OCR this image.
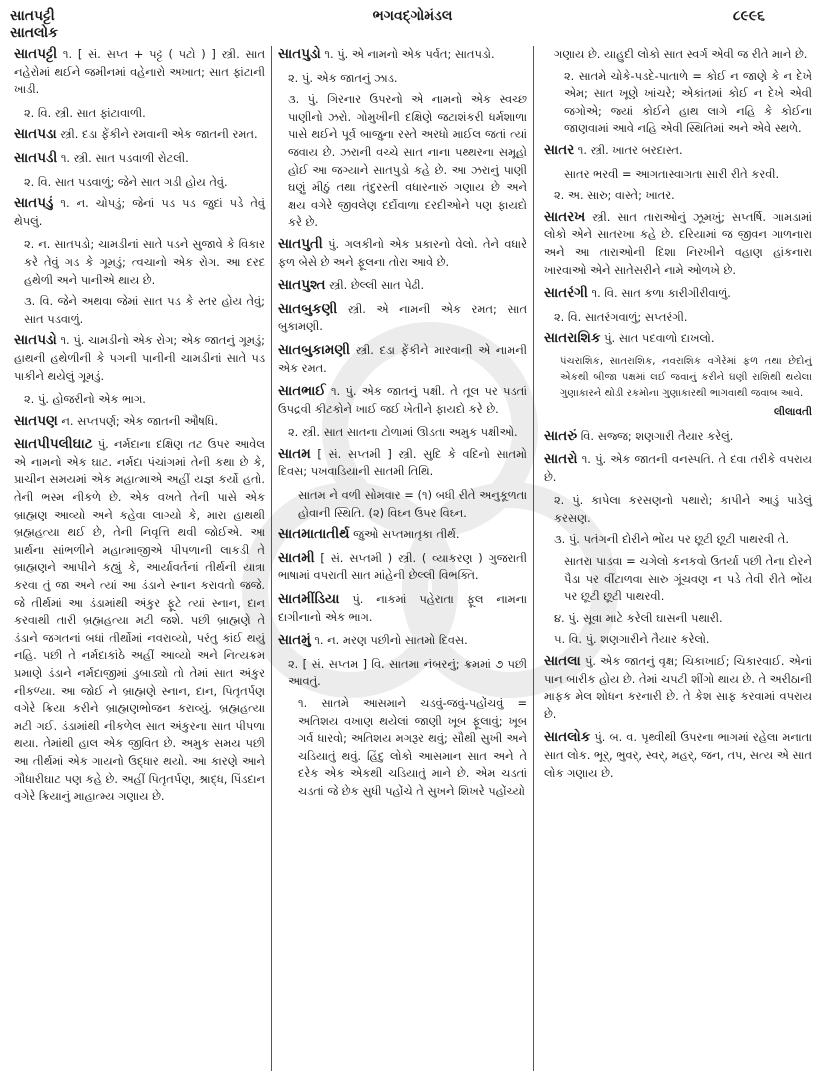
સાતપટ્ટી
સાતલોક
ભગવદ્ગોમંડલ	૮૯૯૬
સાતપટ્ટી ૧. [ સં. સપ્ત + પટ્ટ ( પટો ) ] સ્ત્રી. સાત નહેરોમાં થઈને જમીનમાં વહેનારો અખાત; સાત ફાંટાની ખાડી.
૨. વિ. સ્ત્રી. સાત ફાંટાવાળી.
સાતપડા સ્ત્રી. દડા ફેંકીને રમવાની એક જાતની રમત.
સાતપડી ૧. સ્ત્રી. સાત પડવાળી રોટલી.
૨. વિ. સાત પડવાળું; જેને સાત ગડી હોય તેવું.
સાતપડું ૧. ન. ચોપડું; જેનાં પડ પડ જુદાં પડે તેવું થેપલું.
૨. ન. સાતપડો; ચામડીનાં સાતે પડને સુજાવે કે વિકાર કરે તેવું ગડ કે ગૂમડું; ત્વચાનો એક રોગ. આ દરદ હથેળી અને પાનીએ થાય છે.
૩. વિ. જેને અથવા જેમાં સાત પડ કે સ્તર હોય તેવું; સાત પડવાળું.
સાતપડો ૧. પું. ચામડીનો એક રોગ; એક જાતનું ગૂમડું; હાથની હથેળીની કે પગની પાનીની ચામડીનાં સાતે પડ પાકીને થયેલું ગૂમડું.
૨. પું. હોજરીનો એક ભાગ.
સાતપણ ન. સપ્તપર્ણ; એક જાતની ઔષધિ.
સાતપીપલીઘાટ પું. નર્મદાના દક્ષિણ તટ ઉપર આવેલ એ નામનો એક ઘાટ. નર્મદા પંચાંગમાં તેની કથા છે કે, પ્રાચીન સમયમાં એક મહાત્માએ અહીં યજ્ઞ કર્યો હતો. તેની ભસ્મ નીકળે છે. એક વખતે તેની પાસે એક બ્રાહ્મણ આવ્યો અને કહેવા લાગ્યો કે, મારા હાથથી બ્રહ્મહત્યા થઈ છે, તેની નિવૃત્તિ થવી જોઈએ. આ પ્રાર્થના સાંભળીને મહાત્માજીએ પીપળાની લાકડી તે બ્રાહ્મણને આપીને કહ્યું કે, આર્યાવર્તનાં તીર્થની યાત્રા કરવા તું જા અને ત્યાં આ ડંડાને સ્નાન કરાવતો જજે. જે તીર્થમાં આ ડંડામાંથી અંકુર ફૂટે ત્યાં સ્નાન, દાન કરવાથી તારી બ્રહ્મહત્યા મટી જશે. પછી બ્રાહ્મણે તે ડંડાને જગતનાં બધાં તીર્થોમાં નવરાવ્યો, પરંતુ કાંઈ થયું નહિ. પછી તે નર્મદાકાંઠે અહીં આવ્યો અને નિત્યક્રમ પ્રમાણે ડંડાને નર્મદાજીમાં ડુબાડ્યો તો તેમાં સાત અંકુર નીકળ્યા. આ જોઈ ને બ્રાહ્મણે સ્નાન, દાન, પિતૃતર્પણ વગેરે ક્રિયા કરીને બ્રાહ્મણભોજન કરાવ્યું. બ્રહ્મહત્યા મટી ગઈ. ડંડામાંથી નીકળેલ સાત અંકુરના સાત પીપળા થયા. તેમાંથી હાલ એક જીવિત છે. અમુક સમય પછી આ તીર્થમાં એક ગાયનો ઉદ્ધાર થયો. આ કારણે આને ગૌધારીઘાટ પણ કહે છે. અહીં પિતૃતર્પણ, શ્રાદ્ધ, પિંડદાન વગેરે ક્રિયાનું માહાત્મ્ય ગણાય છે.
સાતપુડો ૧. પું. એ નામનો એક પર્વત; સાતપડો.
૨. પું. એક જાતનું ઝાડ.
૩. પું. ગિરનાર ઉપરનો એ નામનો એક સ્વચ્છ પાણીનો ઝરો. ગોમુખીની દક્ષિણે જટાશંકરી ધર્મશાળા પાસે થઈને પૂર્વ બાજુના રસ્તે અરધો માઈલ જતાં ત્યાં જવાય છે. ઝરાની વચ્ચે સાત નાના પથ્થરના સમૂહો હોઈ આ જગ્યાને સાતપુડો કહે છે. આ ઝરાનું પાણી ઘણું મીઠું તથા તંદુરસ્તી વધારનારું ગણાય છે અને ક્ષય વગેરે જીવલેણ દર્દોવાળા દરદીઓને પણ ફાયદો કરે છે.
સાતપુતી પું. ગલકીનો એક પ્રકારનો વેલો. તેને વધારે ફળ બેસે છે અને ફૂલના તોરા આવે છે.
સાતપુશ્ત સ્ત્રી. છેલ્લી સાત પેઢી.
સાતબુકણી સ્ત્રી. એ નામની એક રમત; સાત બુકામણી.
સાતબુકામણી સ્ત્રી. દડા ફેંકીને મારવાની એ નામની એક રમત.
સાતભાઈ ૧. પું. એક જાતનું પક્ષી. તે તૂલ પર પડતાં ઉપદ્રવી કીટકોને ખાઈ જઈ ખેતીને ફાયદો કરે છે.
૨. સ્ત્રી. સાત સાતના ટોળામાં ઊડતા અમુક પક્ષીઓ.
સાતમ [ સં. સપ્તમી ] સ્ત્રી. સુદિ કે વદિનો સાતમો દિવસ; પખવાડિયાની સાતમી તિથિ.
સાતમ ને વળી સોમવાર = (૧) બધી રીતે અનુકૂળતા હોવાની સ્થિતિ. (૨) વિઘ્ન ઉપર વિઘ્ન.
સાતમાતાતીર્થ જુઓ સપ્તમાતૃકા તીર્થ.
સાતમી [ સં. સપ્તમી ) સ્ત્રી. ( વ્યાકરણ ) ગુજરાતી ભાષામાં વપરાતી સાત માંહેની છેલ્લી વિભક્તિ.
સાતમીંડિયા પું. નાકમાં પહેરાતા ફૂલ નામના દાગીનાનો એક ભાગ.
સાતમું ૧. ન. મરણ પછીનો સાતમો દિવસ.
૨. [ સં. સપ્તમ ] વિ. સાતમા નંબરનું; ક્રમમાં ૭ પછી આવતું.
૧. સાતમે આસમાને ચડવું-જવું-પહોંચવું = અતિશય વખાણ થયેલાં જાણી ખૂબ ફૂલાવું; ખૂબ ગર્વ ધારવો; અતિશય મગરૂર થવું; સૌથી સુખી અને ચડિયાતું થવું. હિંદુ લોકો આસમાન સાત અને તે દરેક એક એકથી ચડિયાતું માને છે. એમ ચડતાં ચડતાં જે છેક સુધી પહોંચે તે સુખને શિખરે પહોંચ્યો
ગણાય છે. યાહુદી લોકો સાત સ્વર્ગ એવી જ રીતે માને છે.
૨. સાતમે ચોકે-પડદે-પાતાળે = કોઈ ન જાણે કે ન દેખે એમ; સાત ખૂણે ખાંચરે; એકાંતમાં કોઈ ન દેખે એવી જગોએ; જ્યાં કોઈને હાથ લાગે નહિ કે કોઈના જાણવામાં આવે નહિ એવી સ્થિતિમાં અને એવે સ્થળે.
સાતર ૧. સ્ત્રી. ખાતર બરદાસ્ત.
સાતર ભરવી = આગતાસ્વાગતા સારી રીતે કરવી.
૨. અ. સારુ; વાસ્તે; ખાતર.
સાતરખ સ્ત્રી. સાત તારાઓનું ઝૂમખું; સપ્તર્ષિ. ગામડામાં લોકો એને સાતરખા કહે છે. દરિયામાં જ જીવન ગાળનારા અને આ તારાઓની દિશા નિરખીને વહાણ હાંકનારા ખારવાઓ એને સાતેસરીને નામે ઓળખે છે.
સાતરંગી ૧. વિ. સાત કળા કારીગીરીવાળું.
૨. વિ. સાતરંગવાળું; સપ્તરંગી.
સાતરાશિક પું. સાત પદવાળો દાખલો.
પંચરાશિક, સાતરાશિક, નવરાશિક વગેરેમાં ફળ તથા છેદોનું એકથી બીજા પક્ષમાં લઈ જવાનું કરીને ઘણી રાશિથી થયેલા ગુણાકારને થોડી રકમોના ગુણાકારથી ભાગવાથી જવાબ આવે.
લીલાવતી
સાતરું વિ. સજ્જ; શણગારી તૈયાર કરેલું.
સાતરો ૧. પું. એક જાતની વનસ્પતિ. તે દવા તરીકે વપરાય છે.
૨. પું. કાપેલા કરસણનો પથારો; કાપીને આડું પાડેલું કરસણ.
૩. પું. પતંગની દોરીને ભોંય પર છૂટી છૂટી પાથરવી તે.
સાતરા પાડવા = ચગેલો કનકવો ઉતર્યા પછી તેના દોરને પૈડા પર વીંટાળવા સારુ ગૂંચવણ ન પડે તેવી રીતે ભોંય પર છૂટી છૂટી પાથરવી.
૪. પું. સૂવા માટે કરેલી ઘાસની પથારી.
૫. વિ. પું. શણગારીને તૈયાર કરેલો.
સાતલા પું. એક જાતનું વૃક્ષ; ચિકાખાઈ; ચિકારવાઈ. એનાં પાન બારીક હોય છે. તેમાં ચપટી શીંગો થાય છે. તે અરીઠાની માફક મેલ શોધન કરનારી છે. તે કેશ સાફ કરવામાં વપરાય છે.
સાતલોક પું. બ. વ. પૃથ્વીથી ઉપરના ભાગમાં રહેલા મનાતા સાત લોક. ભૂર્, ભુવર્, સ્વર્, મહર્, જન, તપ, સત્ય એ સાત લોક ગણાય છે.
